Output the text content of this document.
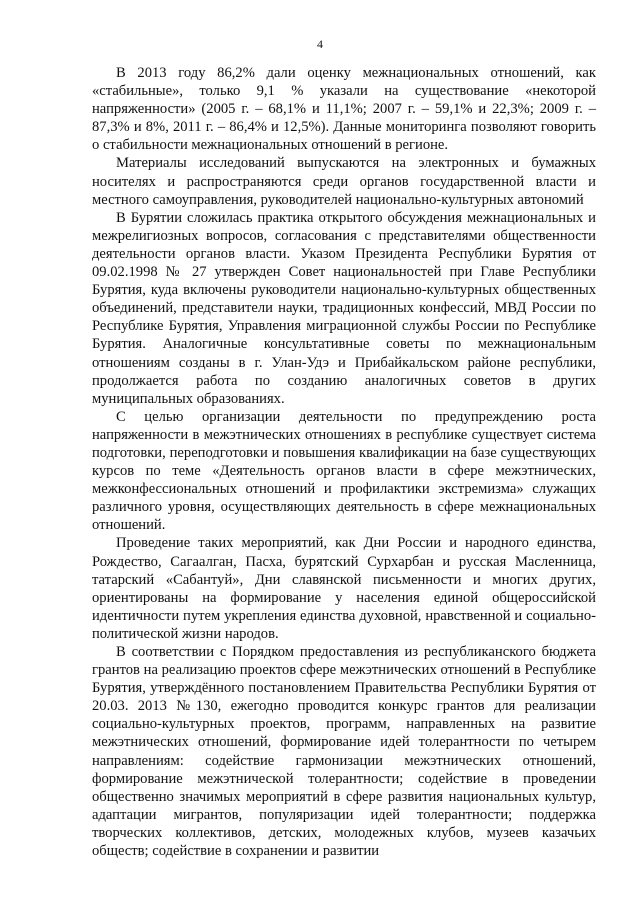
4

В 2013 году 86,2% дали оценку межнациональных отношений, как «стабильные», только 9,1 % указали на существование «некоторой напряженности» (2005 г. – 68,1% и 11,1%; 2007 г. – 59,1% и 22,3%; 2009 г. – 87,3% и 8%, 2011 г. – 86,4% и 12,5%). Данные мониторинга позволяют говорить о стабильности межнациональных отношений в регионе.

Материалы исследований выпускаются на электронных и бумажных носителях и распространяются среди органов государственной власти и местного самоуправления, руководителей национально-культурных автономий

В Бурятии сложилась практика открытого обсуждения межнациональных и межрелигиозных вопросов, согласования с представителями общественности деятельности органов власти. Указом Президента Республики Бурятия от 09.02.1998 № 27 утвержден Совет национальностей при Главе Республики Бурятия, куда включены руководители национально-культурных общественных объединений, представители науки, традиционных конфессий, МВД России по Республике Бурятия, Управления миграционной службы России по Республике Бурятия. Аналогичные консультативные советы по межнациональным отношениям созданы в г. Улан-Удэ и Прибайкальском районе республики, продолжается работа по созданию аналогичных советов в других муниципальных образованиях.

С целью организации деятельности по предупреждению роста напряженности в межэтнических отношениях в республике существует система подготовки, переподготовки и повышения квалификации на базе существующих курсов по теме «Деятельность органов власти в сфере межэтнических, межконфессиональных отношений и профилактики экстремизма» служащих различного уровня, осуществляющих деятельность в сфере межнациональных отношений.

Проведение таких мероприятий, как Дни России и народного единства, Рождество, Сагаалган, Пасха, бурятский Сурхарбан и русская Масленница, татарский «Сабантуй», Дни славянской письменности и многих других, ориентированы на формирование у населения единой общероссийской идентичности путем укрепления единства духовной, нравственной и социально-политической жизни народов.

В соответствии с Порядком предоставления из республиканского бюджета грантов на реализацию проектов сфере межэтнических отношений в Республике Бурятия, утверждённого постановлением Правительства Республики Бурятия от 20.03. 2013 №130, ежегодно проводится конкурс грантов для реализации социально-культурных проектов, программ, направленных на развитие межэтнических отношений, формирование идей толерантности по четырем направлениям: содействие гармонизации межэтнических отношений, формирование межэтнической толерантности; содействие в проведении общественно значимых мероприятий в сфере развития национальных культур, адаптации мигрантов, популяризации идей толерантности; поддержка творческих коллективов, детских, молодежных клубов, музеев казачьих обществ; содействие в сохранении и развитии
